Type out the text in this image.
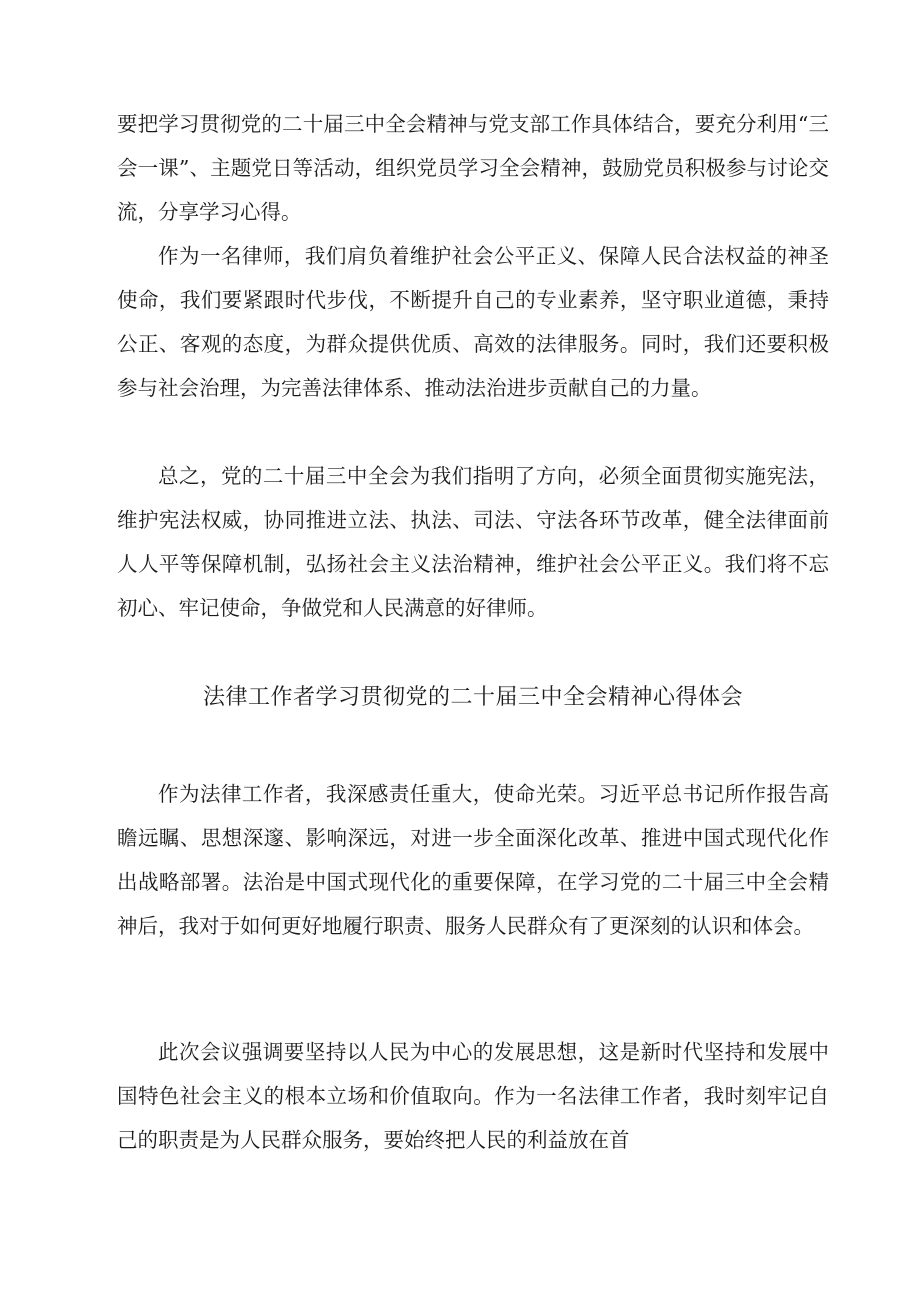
要把学习贯彻党的二十届三中全会精神与党支部工作具体结合，要充分利用“三会一课”、主题党日等活动，组织党员学习全会精神，鼓励党员积极参与讨论交流，分享学习心得。

作为一名律师，我们肩负着维护社会公平正义、保障人民合法权益的神圣使命，我们要紧跟时代步伐，不断提升自己的专业素养，坚守职业道德，秉持公正、客观的态度，为群众提供优质、高效的法律服务。同时，我们还要积极参与社会治理，为完善法律体系、推动法治进步贡献自己的力量。

总之，党的二十届三中全会为我们指明了方向，必须全面贯彻实施宪法，维护宪法权威，协同推进立法、执法、司法、守法各环节改革，健全法律面前人人平等保障机制，弘扬社会主义法治精神，维护社会公平正义。我们将不忘初心、牢记使命，争做党和人民满意的好律师。

法律工作者学习贯彻党的二十届三中全会精神心得体会

作为法律工作者，我深感责任重大，使命光荣。习近平总书记所作报告高瞻远瞩、思想深邃、影响深远，对进一步全面深化改革、推进中国式现代化作出战略部署。法治是中国式现代化的重要保障，在学习党的二十届三中全会精神后，我对于如何更好地履行职责、服务人民群众有了更深刻的认识和体会。

此次会议强调要坚持以人民为中心的发展思想，这是新时代坚持和发展中国特色社会主义的根本立场和价值取向。作为一名法律工作者，我时刻牢记自己的职责是为人民群众服务，要始终把人民的利益放在首
